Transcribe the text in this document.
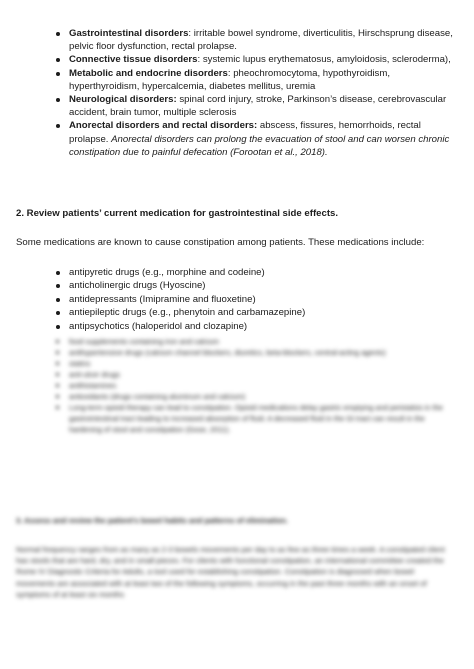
Gastrointestinal disorders: irritable bowel syndrome, diverticulitis, Hirschsprung disease, pelvic floor dysfunction, rectal prolapse.
Connective tissue disorders: systemic lupus erythematosus, amyloidosis, scleroderma),
Metabolic and endocrine disorders: pheochromocytoma, hypothyroidism, hyperthyroidism, hypercalcemia, diabetes mellitus, uremia
Neurological disorders: spinal cord injury, stroke, Parkinson’s disease, cerebrovascular accident, brain tumor, multiple sclerosis
Anorectal disorders and rectal disorders: abscess, fissures, hemorrhoids, rectal prolapse. Anorectal disorders can prolong the evacuation of stool and can worsen chronic constipation due to painful defecation (Forootan et al., 2018).
2. Review patients’ current medication for gastrointestinal side effects.
Some medications are known to cause constipation among patients. These medications include:
antipyretic drugs (e.g., morphine and codeine)
anticholinergic drugs (Hyoscine)
antidepressants (Imipramine and fluoxetine)
antiepileptic drugs (e.g., phenytoin and carbamazepine)
antipsychotics (haloperidol and clozapine)
food supplements containing iron and calcium
antihypertensive drugs (calcium channel blockers, diuretics, beta-blockers, central-acting agents)
statins
anti-ulcer drugs
antihistamines
antioxidants (drugs containing aluminum and calcium)
Long-term opioid therapy can lead to constipation. Opioid medications delay gastric emptying and peristalsis in the gastrointestinal tract leading to increased absorption of fluid. A decreased fluid in the GI tract can result in the hardening of stool and constipation (Gose, 2011).
3. Assess and review the patient’s bowel habits and patterns of elimination.

Normal frequency ranges from as many as 2-3 bowels movements per day to as few as three times a week. A constipated client has stools that are hard, dry, and in small pieces. For clients with functional constipation, an international committee created the Rome IV Diagnostic Criteria for Adults, a tool used for establishing constipation. Constipation is diagnosed when bowel movements are associated with at least two of the following symptoms, occurring in the past three months with an onset of symptoms of at least six months
